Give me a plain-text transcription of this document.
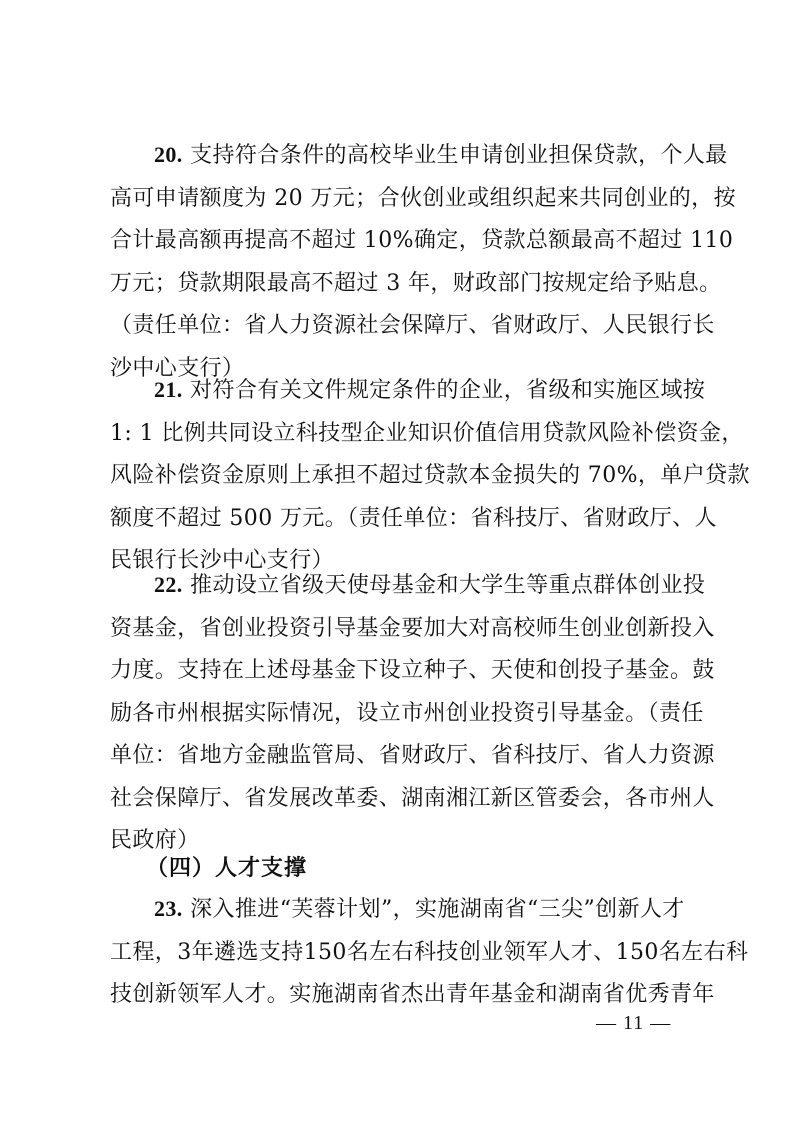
20. 支持符合条件的高校毕业生申请创业担保贷款，个人最
高可申请额度为 20 万元；合伙创业或组织起来共同创业的，按
合计最高额再提高不超过 10%确定，贷款总额最高不超过 110
万元；贷款期限最高不超过 3 年，财政部门按规定给予贴息。
（责任单位：省人力资源社会保障厅、省财政厅、人民银行长
沙中心支行）

21. 对符合有关文件规定条件的企业，省级和实施区域按
1: 1 比例共同设立科技型企业知识价值信用贷款风险补偿资金，
风险补偿资金原则上承担不超过贷款本金损失的 70%，单户贷款
额度不超过 500 万元。（责任单位：省科技厅、省财政厅、人
民银行长沙中心支行）

22. 推动设立省级天使母基金和大学生等重点群体创业投
资基金，省创业投资引导基金要加大对高校师生创业创新投入
力度。支持在上述母基金下设立种子、天使和创投子基金。鼓
励各市州根据实际情况，设立市州创业投资引导基金。（责任
单位：省地方金融监管局、省财政厅、省科技厅、省人力资源
社会保障厅、省发展改革委、湖南湘江新区管委会，各市州人
民政府）

（四）人才支撑

23. 深入推进“芙蓉计划”，实施湖南省“三尖”创新人才
工程，3年遴选支持150名左右科技创业领军人才、150名左右科
技创新领军人才。实施湖南省杰出青年基金和湖南省优秀青年

— 11 —
